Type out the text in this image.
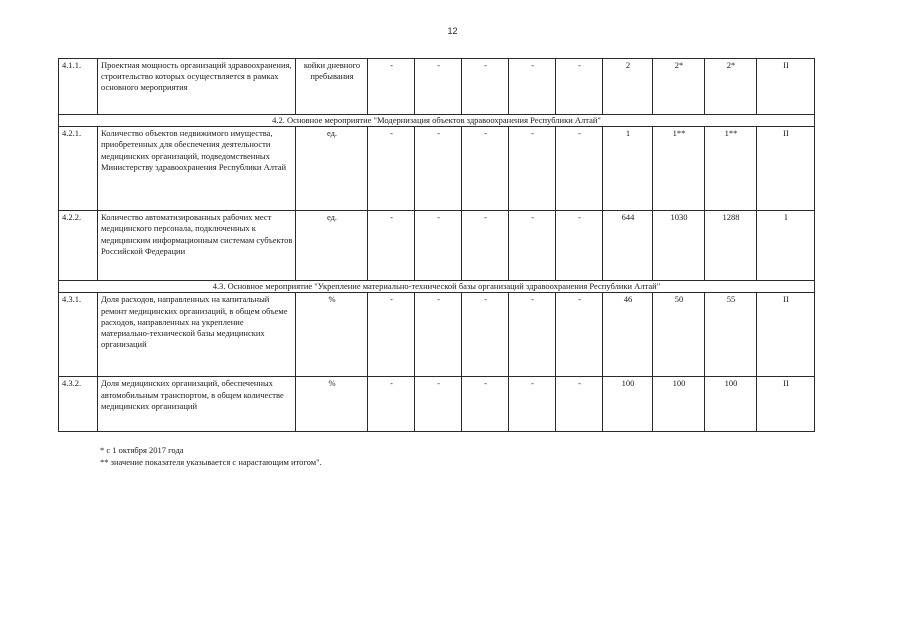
12
4.1.1.	Проектная мощность организаций здравоохранения, строительство которых осуществляется в рамках основного мероприятия	койки дневного пребывания	-	-	-	-	-	2	2*	2*	II
4.2. Основное мероприятие "Модернизация объектов здравоохранения Республики Алтай"											
4.2.1.	Количество объектов недвижимого имущества, приобретенных для обеспечения деятельности медицинских организаций, подведомственных Министерству здравоохранения Республики Алтай	ед.	-	-	-	-	-	1	1**	1**	II
4.2.2.	Количество автоматизированных рабочих мест медицинского персонала, подключенных к медицинским информационным системам субъектов Российской Федерации	ед.	-	-	-	-	-	644	1030	1288	I
4.3. Основное мероприятие "Укрепление материально-технической базы организаций здравоохранения Республики Алтай"											
4.3.1.	Доля расходов, направленных на капитальный ремонт медицинских организаций, в общем объеме расходов, направленных на укрепление материально-технической базы медицинских организаций	%	-	-	-	-	-	46	50	55	II
4.3.2.	Доля медицинских организаций, обеспеченных автомобильным транспортом, в общем количестве медицинских организаций	%	-	-	-	-	-	100	100	100	II
* с 1 октября 2017 года
** значение показателя указывается с нарастающим итогом".
